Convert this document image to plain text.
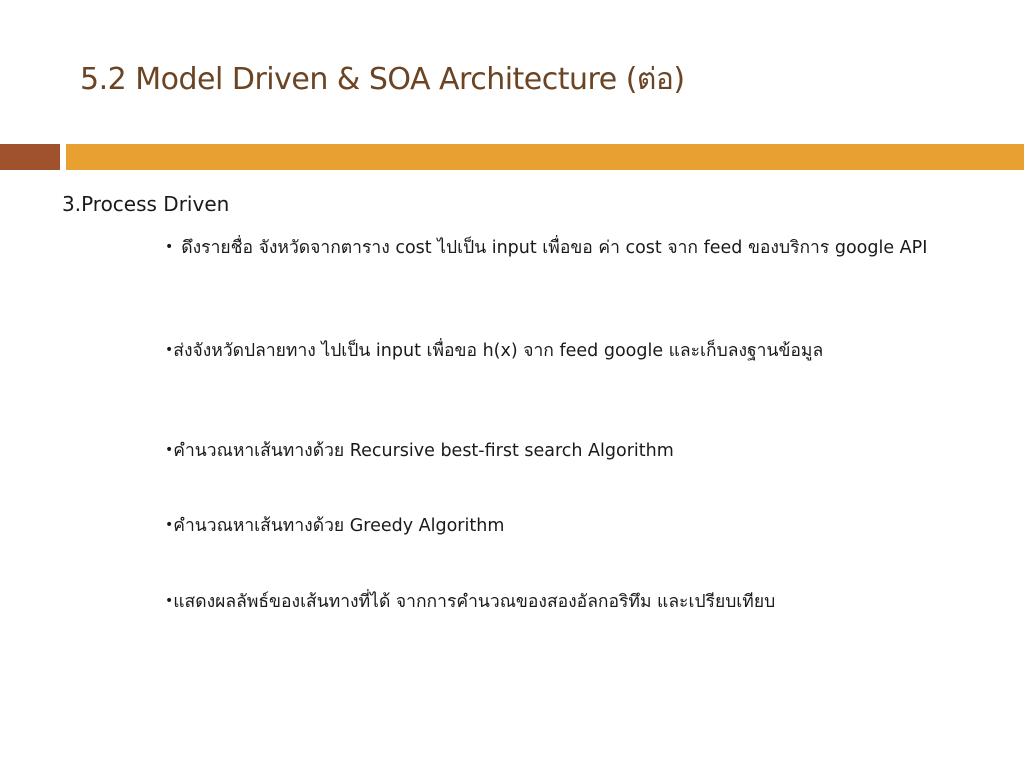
5.2 Model Driven & SOA Architecture (ต่อ)
3.Process Driven
• ดึงรายชื่อ จังหวัดจากตาราง cost ไปเป็น input เพื่อขอ ค่า cost จาก feed ของบริการ google API
•ส่งจังหวัดปลายทาง ไปเป็น input เพื่อขอ h(x) จาก feed google และเก็บลงฐานข้อมูล
•คำนวณหาเส้นทางด้วย Recursive best-first search Algorithm
•คำนวณหาเส้นทางด้วย Greedy Algorithm
•แสดงผลลัพธ์ของเส้นทางที่ได้ จากการคำนวณของสองอัลกอริทึม และเปรียบเทียบ
